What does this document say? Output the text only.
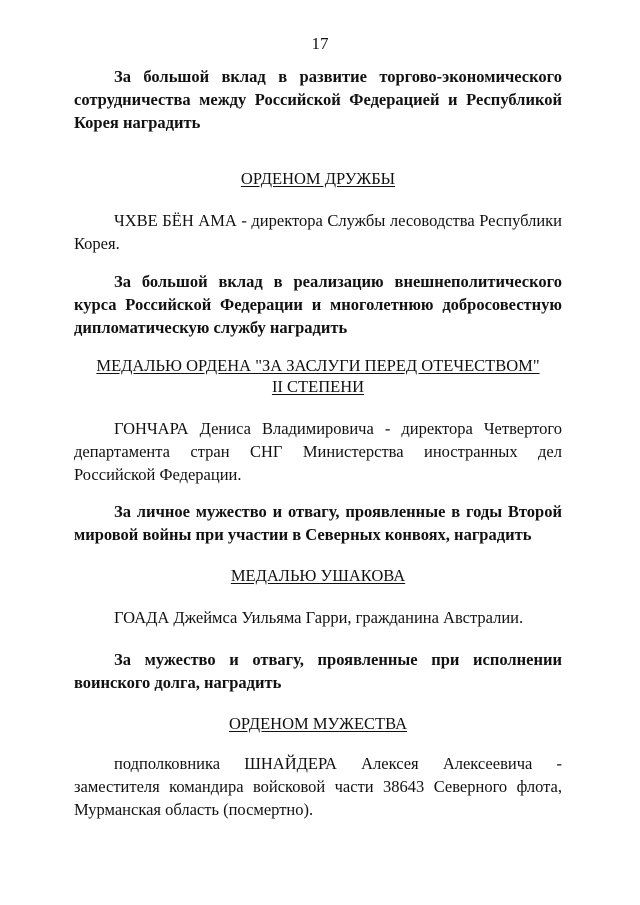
17

За большой вклад в развитие торгово-экономического сотрудничества между Российской Федерацией и Республикой Корея наградить

ОРДЕНОМ ДРУЖБЫ

ЧХВЕ БЁН АМА - директора Службы лесоводства Республики Корея.

За большой вклад в реализацию внешнеполитического курса Российской Федерации и многолетнюю добросовестную дипломатическую службу наградить

МЕДАЛЬЮ ОРДЕНА "ЗА ЗАСЛУГИ ПЕРЕД ОТЕЧЕСТВОМ"
II СТЕПЕНИ

ГОНЧАРА Дениса Владимировича - директора Четвертого департамента стран СНГ Министерства иностранных дел Российской Федерации.

За личное мужество и отвагу, проявленные в годы Второй мировой войны при участии в Северных конвоях, наградить

МЕДАЛЬЮ УШАКОВА

ГОАДА Джеймса Уильяма Гарри, гражданина Австралии.

За мужество и отвагу, проявленные при исполнении воинского долга, наградить

ОРДЕНОМ МУЖЕСТВА
подполковника ШНАЙДЕРА Алексея Алексеевича -
заместителя командира войсковой части 38643 Северного флота, Мурманская область (посмертно).
